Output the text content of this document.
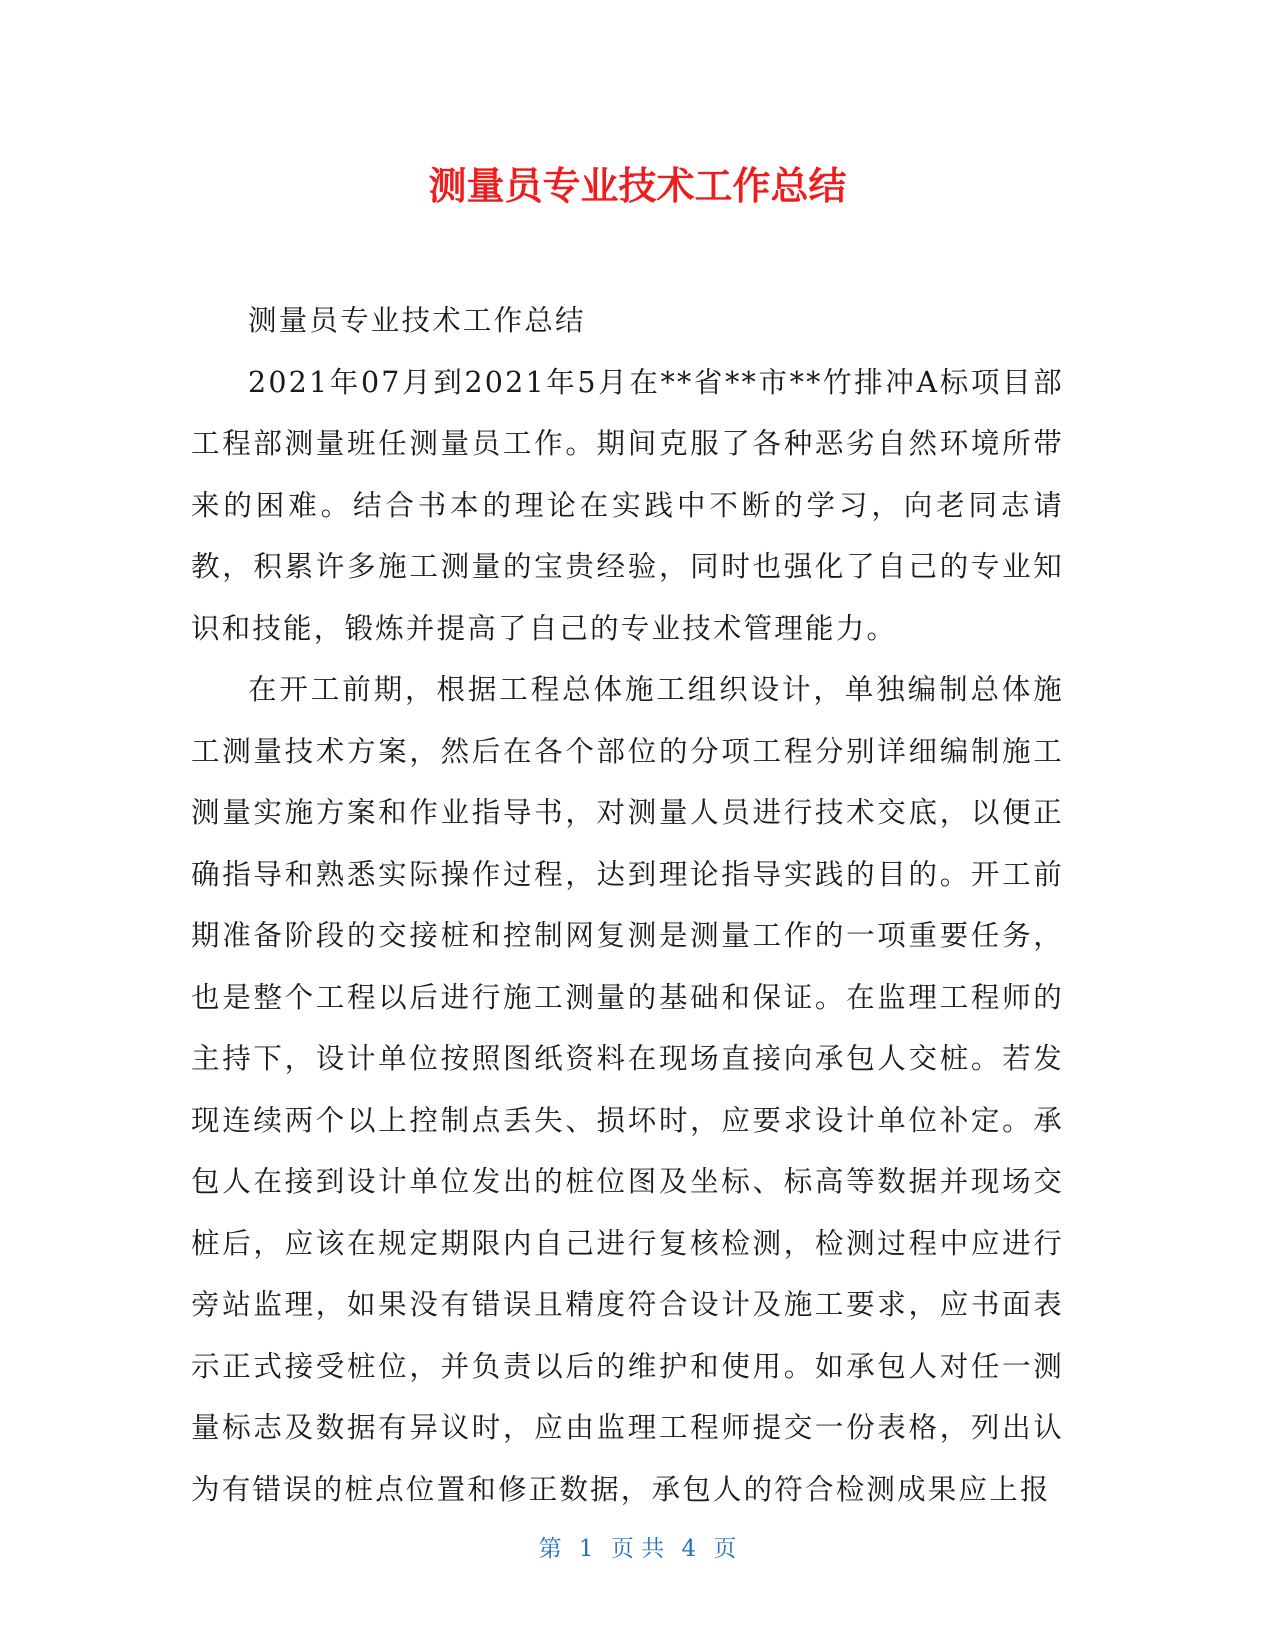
测量员专业技术工作总结

测量员专业技术工作总结

2021年07月到2021年5月在**省**市**竹排冲A标项目部工程部测量班任测量员工作。期间克服了各种恶劣自然环境所带来的困难。结合书本的理论在实践中不断的学习，向老同志请教，积累许多施工测量的宝贵经验，同时也强化了自己的专业知识和技能，锻炼并提高了自己的专业技术管理能力。

在开工前期，根据工程总体施工组织设计，单独编制总体施工测量技术方案，然后在各个部位的分项工程分别详细编制施工测量实施方案和作业指导书，对测量人员进行技术交底，以便正确指导和熟悉实际操作过程，达到理论指导实践的目的。开工前期准备阶段的交接桩和控制网复测是测量工作的一项重要任务，也是整个工程以后进行施工测量的基础和保证。在监理工程师的主持下，设计单位按照图纸资料在现场直接向承包人交桩。若发现连续两个以上控制点丢失、损坏时，应要求设计单位补定。承包人在接到设计单位发出的桩位图及坐标、标高等数据并现场交桩后，应该在规定期限内自己进行复核检测，检测过程中应进行旁站监理，如果没有错误且精度符合设计及施工要求，应书面表示正式接受桩位，并负责以后的维护和使用。如承包人对任一测量标志及数据有异议时，应由监理工程师提交一份表格，列出认为有错误的桩点位置和修正数据，承包人的符合检测成果应上报

第 1 页 共 4 页
